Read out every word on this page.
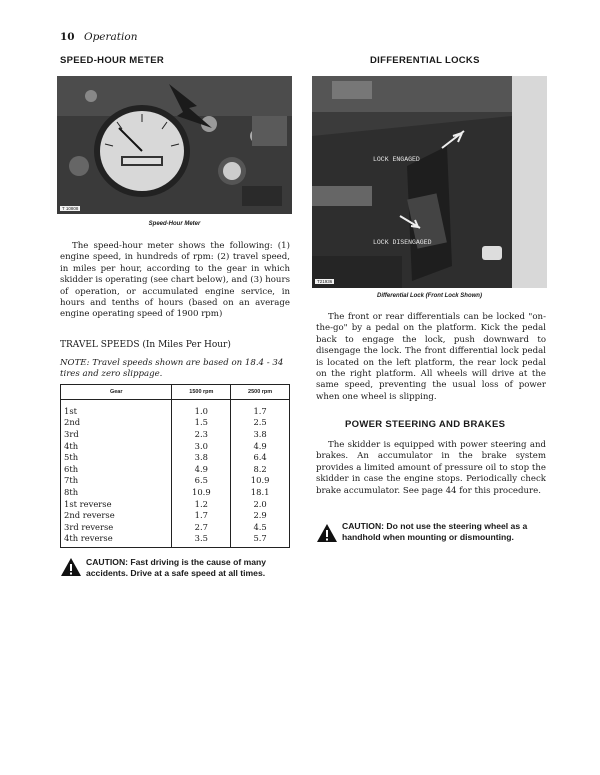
10 Operation
SPEED-HOUR METER
T 10808
Speed-Hour Meter

The speed-hour meter shows the following: (1) engine speed, in hundreds of rpm: (2) travel speed, in miles per hour, according to the gear in which skidder is operating (see chart below), and (3) hours of operation, or accumulated engine service, in hours and tenths of hours (based on an average engine operating speed of 1900 rpm)

TRAVEL SPEEDS (In Miles Per Hour)
NOTE: Travel speeds shown are based on 18.4 - 34 tires and zero slippage.
Gear	1500 rpm	2500 rpm
1st	1.0	1.7
2nd	1.5	2.5
3rd	2.3	3.8
4th	3.0	4.9
5th	3.8	6.4
6th	4.9	8.2
7th	6.5	10.9
8th	10.9	18.1
1st reverse	1.2	2.0
2nd reverse	1.7	2.9
3rd reverse	2.7	4.5
4th reverse	3.5	5.7
CAUTION: Fast driving is the cause of many accidents. Drive at a safe speed at all times.
DIFFERENTIAL LOCKS
LOCK ENGAGED
LOCK DISENGAGED
T21936
Differential Lock (Front Lock Shown)

The front or rear differentials can be locked "on-the-go" by a pedal on the platform. Kick the pedal back to engage the lock, push downward to disengage the lock. The front differential lock pedal is located on the left platform, the rear lock pedal on the right platform. All wheels will drive at the same speed, preventing the usual loss of power when one wheel is slipping.

POWER STEERING AND BRAKES

The skidder is equipped with power steering and brakes. An accumulator in the brake system provides a limited amount of pressure oil to stop the skidder in case the engine stops. Periodically check brake accumulator. See page 44 for this procedure.

CAUTION: Do not use the steering wheel as a handhold when mounting or dismounting.
